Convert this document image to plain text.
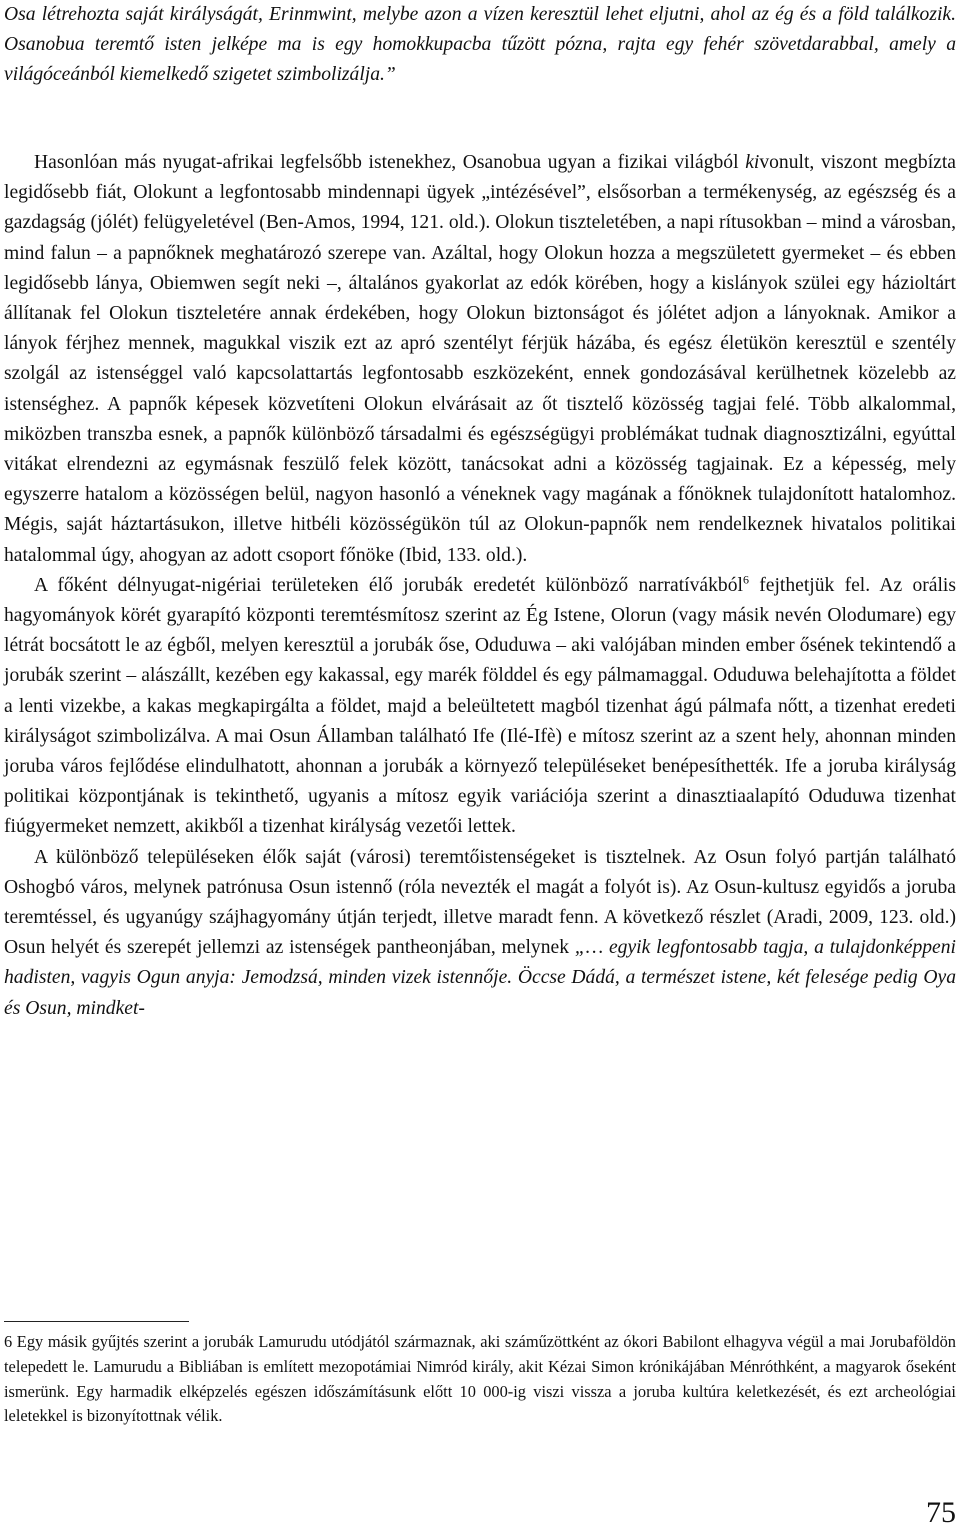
Osa létrehozta saját királyságát, Erinmwint, melybe azon a vízen keresztül lehet eljutni, ahol az ég és a föld találkozik. Osanobua teremtő isten jelképe ma is egy homokkupacba tűzött pózna, rajta egy fehér szövetdarabbal, amely a világóceánból kiemelkedő szigetet szimbolizálja.”

Hasonlóan más nyugat-afrikai legfelsőbb istenekhez, Osanobua ugyan a fizikai világból kivonult, viszont megbízta legidősebb fiát, Olokunt a legfontosabb mindennapi ügyek „intézésével”, elsősorban a termékenység, az egészség és a gazdagság (jólét) felügyeletével (Ben-Amos, 1994, 121. old.). Olokun tiszteletében, a napi rítusokban – mind a városban, mind falun – a papnőknek meghatározó szerepe van. Azáltal, hogy Olokun hozza a megszületett gyermeket – és ebben legidősebb lánya, Obiemwen segít neki –, általános gyakorlat az edók körében, hogy a kislányok szülei egy házioltárt állítanak fel Olokun tiszteletére annak érdekében, hogy Olokun biztonságot és jólétet adjon a lányoknak. Amikor a lányok férjhez mennek, magukkal viszik ezt az apró szentélyt férjük házába, és egész életükön keresztül e szentély szolgál az istenséggel való kapcsolattartás legfontosabb eszközeként, ennek gondozásával kerülhetnek közelebb az istenséghez. A papnők képesek közvetíteni Olokun elvárásait az őt tisztelő közösség tagjai felé. Több alkalommal, miközben transzba esnek, a papnők különböző társadalmi és egészségügyi problémákat tudnak diagnosztizálni, egyúttal vitákat elrendezni az egymásnak feszülő felek között, tanácsokat adni a közösség tagjainak. Ez a képesség, mely egyszerre hatalom a közösségen belül, nagyon hasonló a véneknek vagy magának a főnöknek tulajdonított hatalomhoz. Mégis, saját háztartásukon, illetve hitbéli közösségükön túl az Olokun-papnők nem rendelkeznek hivatalos politikai hatalommal úgy, ahogyan az adott csoport főnöke (Ibid, 133. old.).

A főként délnyugat-nigériai területeken élő jorubák eredetét különböző narratívákból$^6$ fejthetjük fel. Az orális hagyományok körét gyarapító központi teremtésmítosz szerint az Ég Istene, Olorun (vagy másik nevén Olodumare) egy létrát bocsátott le az égből, melyen keresztül a jorubák őse, Oduduwa – aki valójában minden ember ősének tekintendő a jorubák szerint – alászállt, kezében egy kakassal, egy marék földdel és egy pálmamaggal. Oduduwa belehajította a földet a lenti vizekbe, a kakas megkapirgálta a földet, majd a beleültetett magból tizenhat ágú pálmafa nőtt, a tizenhat eredeti királyságot szimbolizálva. A mai Osun Államban található Ife (Ilé-Ifè) e mítosz szerint az a szent hely, ahonnan minden joruba város fejlődése elindulhatott, ahonnan a jorubák a környező településeket benépesíthették. Ife a joruba királyság politikai központjának is tekinthető, ugyanis a mítosz egyik variációja szerint a dinasztiaalapító Oduduwa tizenhat fiúgyermeket nemzett, akikből a tizenhat királyság vezetői lettek.

A különböző településeken élők saját (városi) teremtőistenségeket is tisztelnek. Az Osun folyó partján található Oshogbó város, melynek patrónusa Osun istennő (róla nevezték el magát a folyót is). Az Osun-kultusz egyidős a joruba teremtéssel, és ugyanúgy szájhagyomány útján terjedt, illetve maradt fenn. A következő részlet (Aradi, 2009, 123. old.) Osun helyét és szerepét jellemzi az istenségek pantheonjában, melynek „… egyik legfontosabb tagja, a tulajdonképpeni hadisten, vagyis Ogun anyja: Jemodzsá, minden vizek istennője. Öccse Dádá, a természet istene, két felesége pedig Oya és Osun, mindket-

6 Egy másik gyűjtés szerint a jorubák Lamurudu utódjától származnak, aki száműzöttként az ókori Babilont elhagyva végül a mai Jorubaföldön telepedett le. Lamurudu a Bibliában is említett mezopotámiai Nimród király, akit Kézai Simon krónikájában Ménróthként, a magyarok őseként ismerünk. Egy harmadik elképzelés egészen időszámításunk előtt 10 000-ig viszi vissza a joruba kultúra keletkezését, és ezt archeológiai leletekkel is bizonyítottnak vélik.

75
